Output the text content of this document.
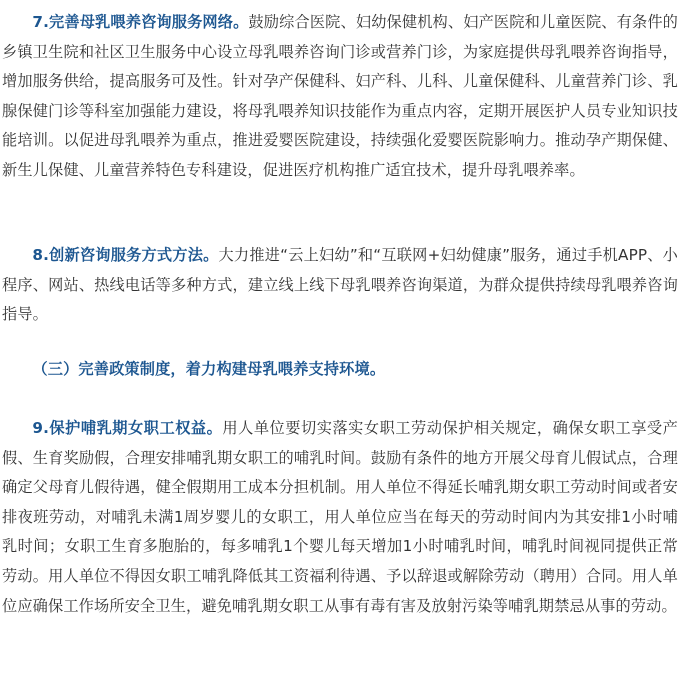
7.完善母乳喂养咨询服务网络。鼓励综合医院、妇幼保健机构、妇产医院和儿童医院、有条件的乡镇卫生院和社区卫生服务中心设立母乳喂养咨询门诊或营养门诊，为家庭提供母乳喂养咨询指导，增加服务供给，提高服务可及性。针对孕产保健科、妇产科、儿科、儿童保健科、儿童营养门诊、乳腺保健门诊等科室加强能力建设，将母乳喂养知识技能作为重点内容，定期开展医护人员专业知识技能培训。以促进母乳喂养为重点，推进爱婴医院建设，持续强化爱婴医院影响力。推动孕产期保健、新生儿保健、儿童营养特色专科建设，促进医疗机构推广适宜技术，提升母乳喂养率。

8.创新咨询服务方式方法。大力推进“云上妇幼”和“互联网+妇幼健康”服务，通过手机APP、小程序、网站、热线电话等多种方式，建立线上线下母乳喂养咨询渠道，为群众提供持续母乳喂养咨询指导。

（三）完善政策制度，着力构建母乳喂养支持环境。

9.保护哺乳期女职工权益。用人单位要切实落实女职工劳动保护相关规定，确保女职工享受产假、生育奖励假，合理安排哺乳期女职工的哺乳时间。鼓励有条件的地方开展父母育儿假试点，合理确定父母育儿假待遇，健全假期用工成本分担机制。用人单位不得延长哺乳期女职工劳动时间或者安排夜班劳动，对哺乳未满1周岁婴儿的女职工，用人单位应当在每天的劳动时间内为其安排1小时哺乳时间；女职工生育多胞胎的，每多哺乳1个婴儿每天增加1小时哺乳时间，哺乳时间视同提供正常劳动。用人单位不得因女职工哺乳降低其工资福利待遇、予以辞退或解除劳动（聘用）合同。用人单位应确保工作场所安全卫生，避免哺乳期女职工从事有毒有害及放射污染等哺乳期禁忌从事的劳动。
